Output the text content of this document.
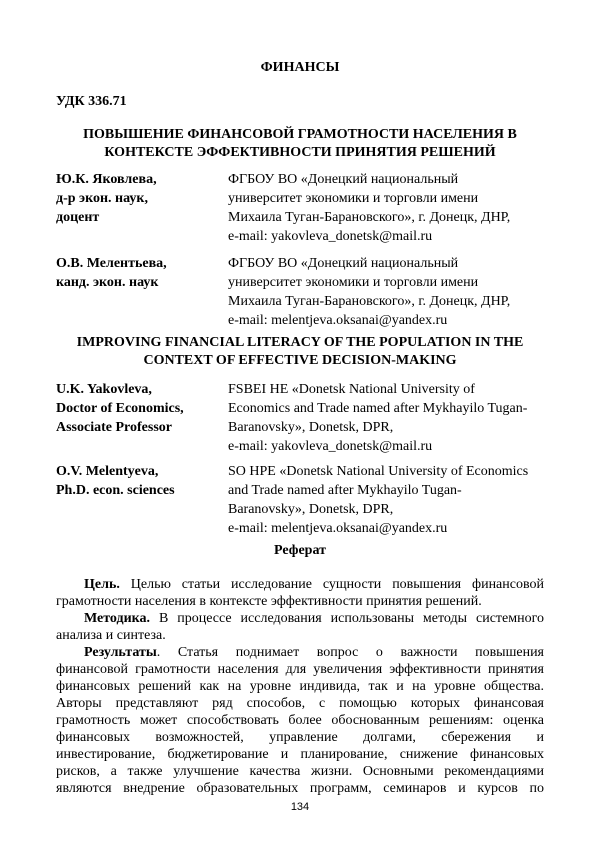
ФИНАНСЫ
УДК 336.71
ПОВЫШЕНИЕ ФИНАНСОВОЙ ГРАМОТНОСТИ НАСЕЛЕНИЯ В
КОНТЕКСТЕ ЭФФЕКТИВНОСТИ ПРИНЯТИЯ РЕШЕНИЙ
Ю.К. Яковлева,
д-р экон. наук,
доцент
ФГБОУ ВО «Донецкий национальный
университет экономики и торговли имени
Михаила Туган-Барановского», г. Донецк, ДНР,
e-mail: yakovleva_donetsk@mail.ru
О.В. Мелентьева,
канд. экон. наук
ФГБОУ ВО «Донецкий национальный
университет экономики и торговли имени
Михаила Туган-Барановского», г. Донецк, ДНР,
e-mail: melentjeva.oksanai@yandex.ru
IMPROVING FINANCIAL LITERACY OF THE POPULATION IN THE
CONTEXT OF EFFECTIVE DECISION-MAKING
U.K. Yakovleva,
Doctor of Economics,
Associate Professor
FSBEI HE «Donetsk National University of
Economics and Trade named after Mykhayilo Tugan-
Baranovsky», Donetsk, DPR,
e-mail: yakovleva_donetsk@mail.ru
O.V. Melentyeva,
Ph.D. econ. sciences
SO HPE «Donetsk National University of Economics
and Trade named after Mykhayilo Tugan-
Baranovsky», Donetsk, DPR,
e-mail: melentjeva.oksanai@yandex.ru
Реферат
Цель. Целью статьи исследование сущности повышения финансовой
грамотности населения в контексте эффективности принятия решений.
Методика. В процессе исследования использованы методы системного
анализа и синтеза.
Результаты. Статья поднимает вопрос о важности повышения
финансовой грамотности населения для увеличения эффективности принятия
финансовых решений как на уровне индивида, так и на уровне общества.
Авторы представляют ряд способов, с помощью которых финансовая
грамотность может способствовать более обоснованным решениям: оценка
финансовых возможностей, управление долгами, сбережения и
инвестирование, бюджетирование и планирование, снижение финансовых
рисков, а также улучшение качества жизни. Основными рекомендациями
являются внедрение образовательных программ, семинаров и курсов по
134
